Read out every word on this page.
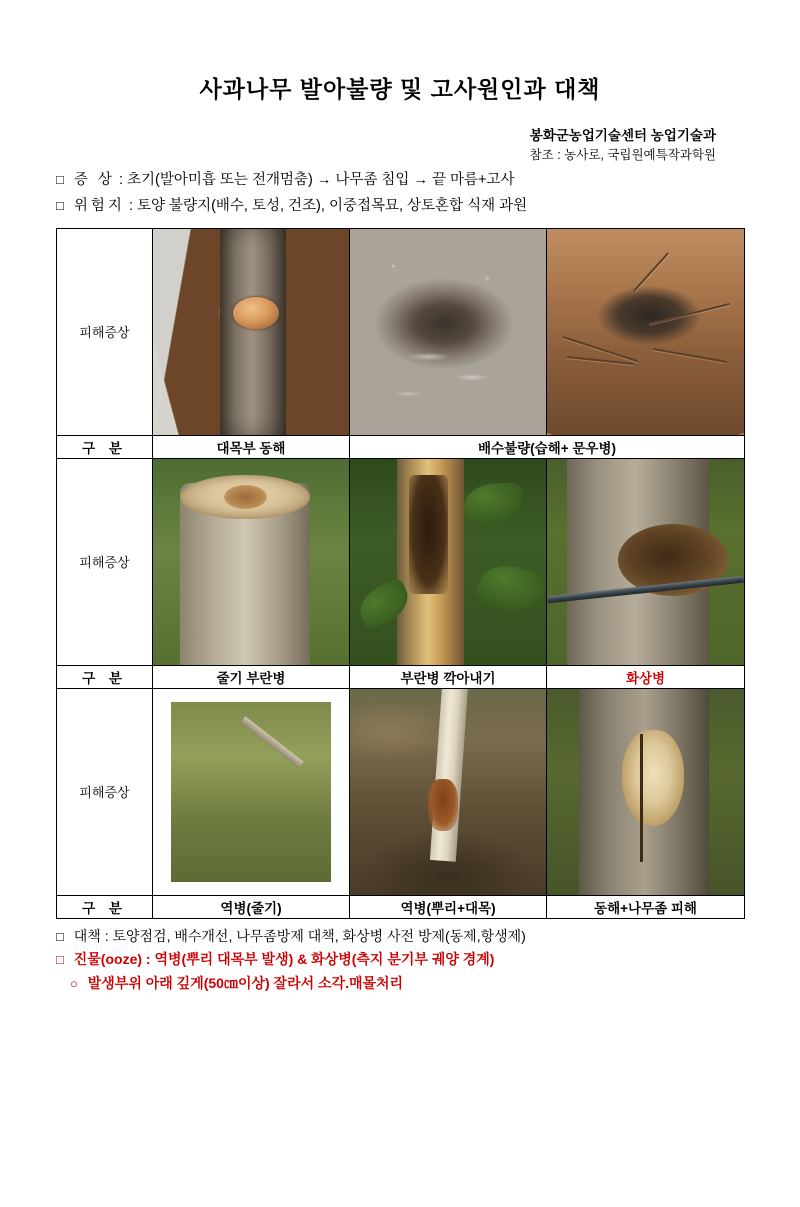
사과나무 발아불량 및 고사원인과 대책
봉화군농업기술센터 농업기술과
참조 : 농사로, 국립원예특작과학원
□ 증 상 : 초기(발아미흡 또는 전개멈춤) → 나무좀 침입 → 끝 마름+고사
□ 위험지 : 토양 불량지(배수, 토성, 건조), 이중접목묘, 상토혼합 식재 과원
피해증상	

구 분	대목부 동해	배수불량(습해+ 문우병)	
피해증상	

구 분	줄기 부란병	부란병 깍아내기	화상병
피해증상	

구 분	역병(줄기)	역병(뿌리+대목)	동해+나무좀 피해
□ 대책 : 토양점검, 배수개선, 나무좀방제 대책, 화상병 사전 방제(동제,항생제)
□ 진물(ooze) : 역병(뿌리 대목부 발생) & 화상병(측지 분기부 궤양 경계)
○ 발생부위 아래 깊게(50㎝이상) 잘라서 소각.매몰처리
